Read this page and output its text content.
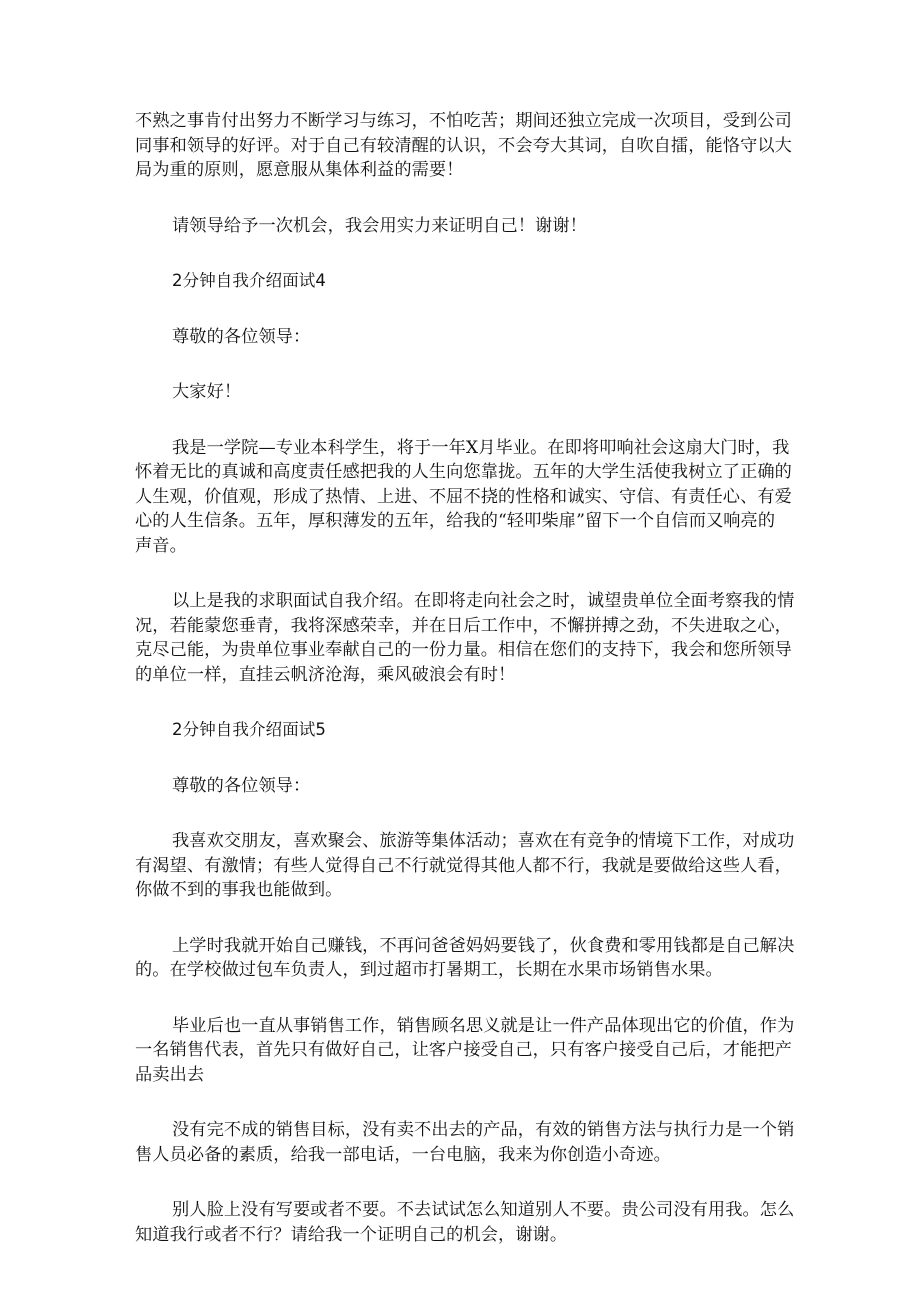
不熟之事肯付出努力不断学习与练习，不怕吃苦；期间还独立完成一次项目，受到公司
同事和领导的好评。对于自己有较清醒的认识，不会夸大其词，自吹自擂，能恪守以大
局为重的原则，愿意服从集体利益的需要！
请领导给予一次机会，我会用实力来证明自己！谢谢！
2分钟自我介绍面试4
尊敬的各位领导：
大家好！
我是一学院—专业本科学生，将于一年X月毕业。在即将叩响社会这扇大门时，我
怀着无比的真诚和高度责任感把我的人生向您靠拢。五年的大学生活使我树立了正确的
人生观，价值观，形成了热情、上进、不屈不挠的性格和诚实、守信、有责任心、有爱
心的人生信条。五年，厚积薄发的五年，给我的“轻叩柴扉”留下一个自信而又响亮的
声音。
以上是我的求职面试自我介绍。在即将走向社会之时，诚望贵单位全面考察我的情
况，若能蒙您垂青，我将深感荣幸，并在日后工作中，不懈拼搏之劲，不失进取之心，
克尽己能，为贵单位事业奉献自己的一份力量。相信在您们的支持下，我会和您所领导
的单位一样，直挂云帆济沧海，乘风破浪会有时！
2分钟自我介绍面试5
尊敬的各位领导：
我喜欢交朋友，喜欢聚会、旅游等集体活动；喜欢在有竞争的情境下工作，对成功
有渴望、有激情；有些人觉得自己不行就觉得其他人都不行，我就是要做给这些人看，
你做不到的事我也能做到。
上学时我就开始自己赚钱，不再问爸爸妈妈要钱了，伙食费和零用钱都是自己解决
的。在学校做过包车负责人，到过超市打暑期工，长期在水果市场销售水果。
毕业后也一直从事销售工作，销售顾名思义就是让一件产品体现出它的价值，作为
一名销售代表，首先只有做好自己，让客户接受自己，只有客户接受自己后，才能把产
品卖出去
没有完不成的销售目标，没有卖不出去的产品，有效的销售方法与执行力是一个销
售人员必备的素质，给我一部电话，一台电脑，我来为你创造小奇迹。
别人脸上没有写要或者不要。不去试试怎么知道别人不要。贵公司没有用我。怎么
知道我行或者不行？请给我一个证明自己的机会，谢谢。
